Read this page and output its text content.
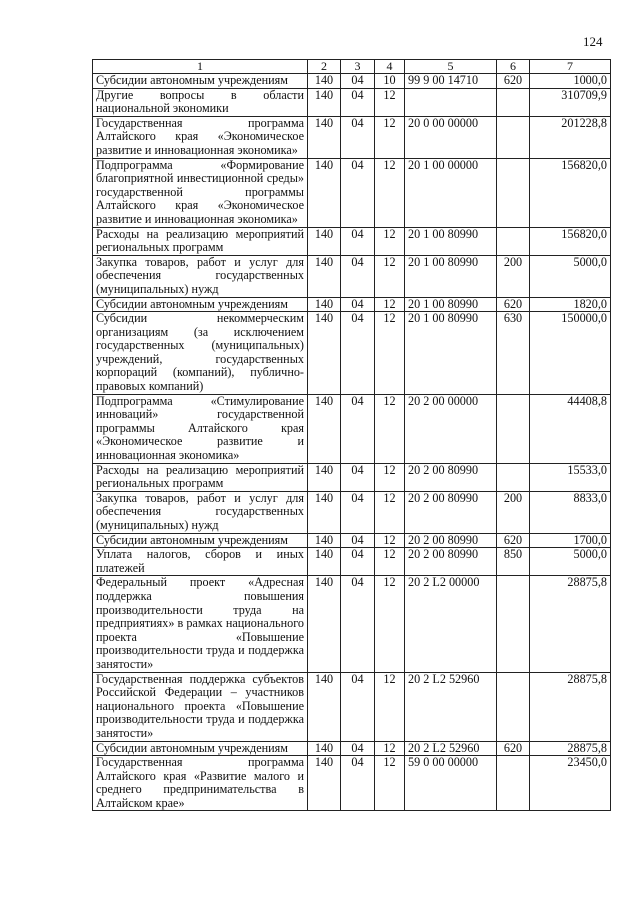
124
1	2	3	4	5	6	7
Субсидии автономным учреждениям	140	04	10	99 9 00 14710	620	1000,0
Другие вопросы в области национальной экономики	140	04	12			310709,9
Государственная программа Алтайского края «Экономическое развитие и инновационная экономика»	140	04	12	20 0 00 00000		201228,8
Подпрограмма «Формирование благоприятной инвестиционной среды» государственной программы Алтайского края «Экономическое развитие и инновационная экономика»	140	04	12	20 1 00 00000		156820,0
Расходы на реализацию мероприятий региональных программ	140	04	12	20 1 00 80990		156820,0
Закупка товаров, работ и услуг для обеспечения государственных (муниципальных) нужд	140	04	12	20 1 00 80990	200	5000,0
Субсидии автономным учреждениям	140	04	12	20 1 00 80990	620	1820,0
Субсидии некоммерческим организациям (за исключением государственных (муниципальных) учреждений, государственных корпораций (компаний), публично-правовых компаний)	140	04	12	20 1 00 80990	630	150000,0
Подпрограмма «Стимулирование инноваций» государственной программы Алтайского края «Экономическое развитие и инновационная экономика»	140	04	12	20 2 00 00000		44408,8
Расходы на реализацию мероприятий региональных программ	140	04	12	20 2 00 80990		15533,0
Закупка товаров, работ и услуг для обеспечения государственных (муниципальных) нужд	140	04	12	20 2 00 80990	200	8833,0
Субсидии автономным учреждениям	140	04	12	20 2 00 80990	620	1700,0
Уплата налогов, сборов и иных платежей	140	04	12	20 2 00 80990	850	5000,0
Федеральный проект «Адресная поддержка повышения производительности труда на предприятиях» в рамках национального проекта «Повышение производительности труда и поддержка занятости»	140	04	12	20 2 L2 00000		28875,8
Государственная поддержка субъектов Российской Федерации – участников национального проекта «Повышение производительности труда и поддержка занятости»	140	04	12	20 2 L2 52960		28875,8
Субсидии автономным учреждениям	140	04	12	20 2 L2 52960	620	28875,8
Государственная программа Алтайского края «Развитие малого и среднего предпринимательства в Алтайском крае»	140	04	12	59 0 00 00000		23450,0
